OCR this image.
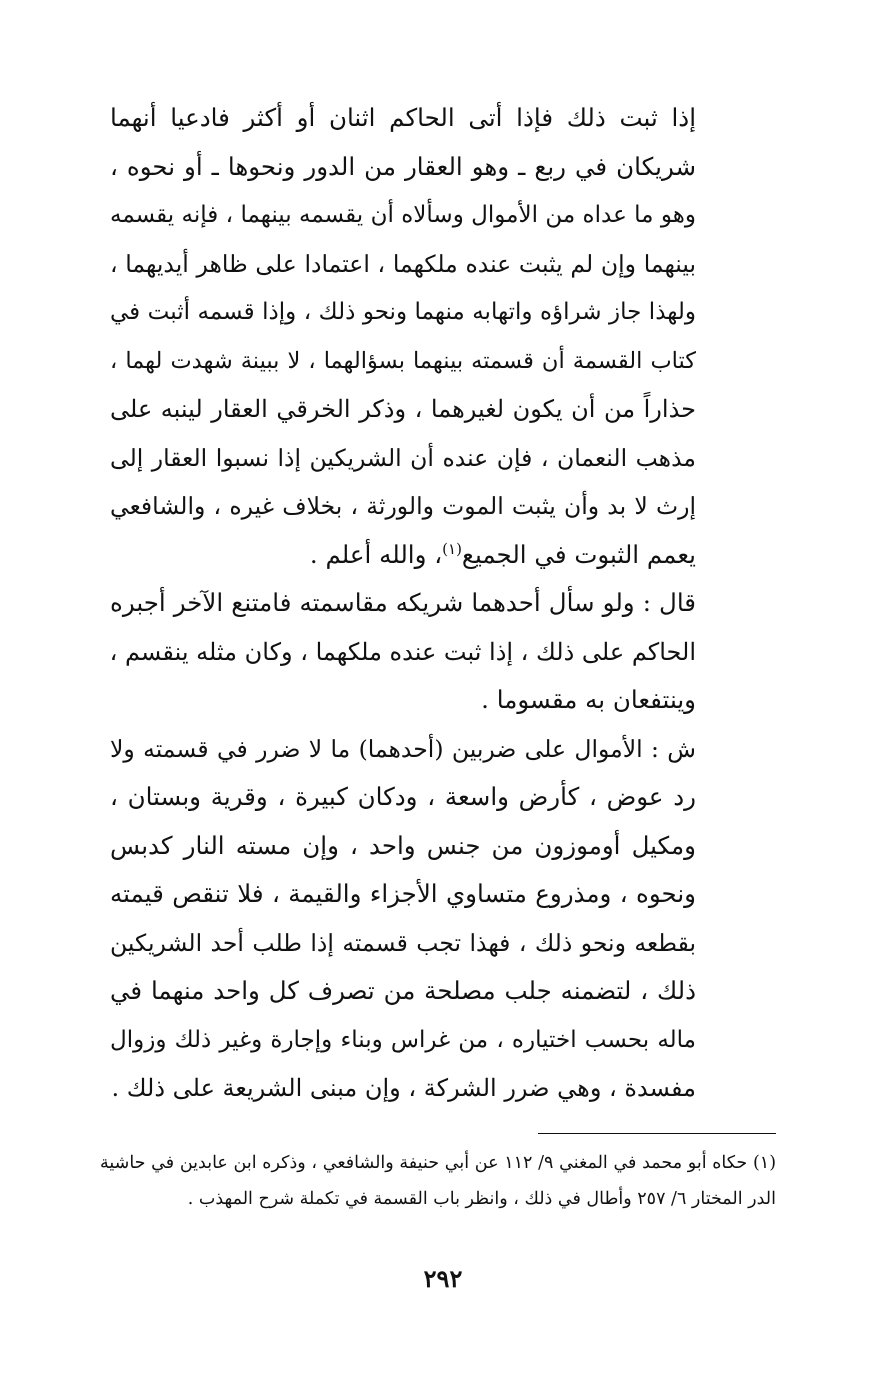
إذا ثبت ذلك فإذا أتى الحاكم اثنان أو أكثر فادعيا أنهما
شريكان في ربع ـ وهو العقار من الدور ونحوها ـ أو نحوه ،
وهو ما عداه من الأموال وسألاه أن يقسمه بينهما ، فإنه يقسمه
بينهما وإن لم يثبت عنده ملكهما ، اعتمادا على ظاهر أيديهما ،
ولهذا جاز شراؤه واتهابه منهما ونحو ذلك ، وإذا قسمه أثبت في
كتاب القسمة أن قسمته بينهما بسؤالهما ، لا ببينة شهدت لهما ،
حذاراً من أن يكون لغيرهما ، وذكر الخرقي العقار لينبه على
مذهب النعمان ، فإن عنده أن الشريكين إذا نسبوا العقار إلى
إرث لا بد وأن يثبت الموت والورثة ، بخلاف غيره ، والشافعي
يعمم الثبوت في الجميع$^{(١)}$، والله أعلم .
قال : ولو سأل أحدهما شريكه مقاسمته فامتنع الآخر أجبره
الحاكم على ذلك ، إذا ثبت عنده ملكهما ، وكان مثله ينقسم ،
وينتفعان به مقسوما .
ش : الأموال على ضربين (أحدهما) ما لا ضرر في قسمته ولا
رد عوض ، كأرض واسعة ، ودكان كبيرة ، وقرية وبستان ،
ومكيل أوموزون من جنس واحد ، وإن مسته النار كدبس
ونحوه ، ومذروع متساوي الأجزاء والقيمة ، فلا تنقص قيمته
بقطعه ونحو ذلك ، فهذا تجب قسمته إذا طلب أحد الشريكين
ذلك ، لتضمنه جلب مصلحة من تصرف كل واحد منهما في
ماله بحسب اختياره ، من غراس وبناء وإجارة وغير ذلك وزوال
مفسدة ، وهي ضرر الشركة ، وإن مبنى الشريعة على ذلك .
(١) حكاه أبو محمد في المغني ٩/ ١١٢ عن أبي حنيفة والشافعي ، وذكره ابن عابدين في حاشية
الدر المختار ٦/ ٢٥٧ وأطال في ذلك ، وانظر باب القسمة في تكملة شرح المهذب .
٢٩٢
